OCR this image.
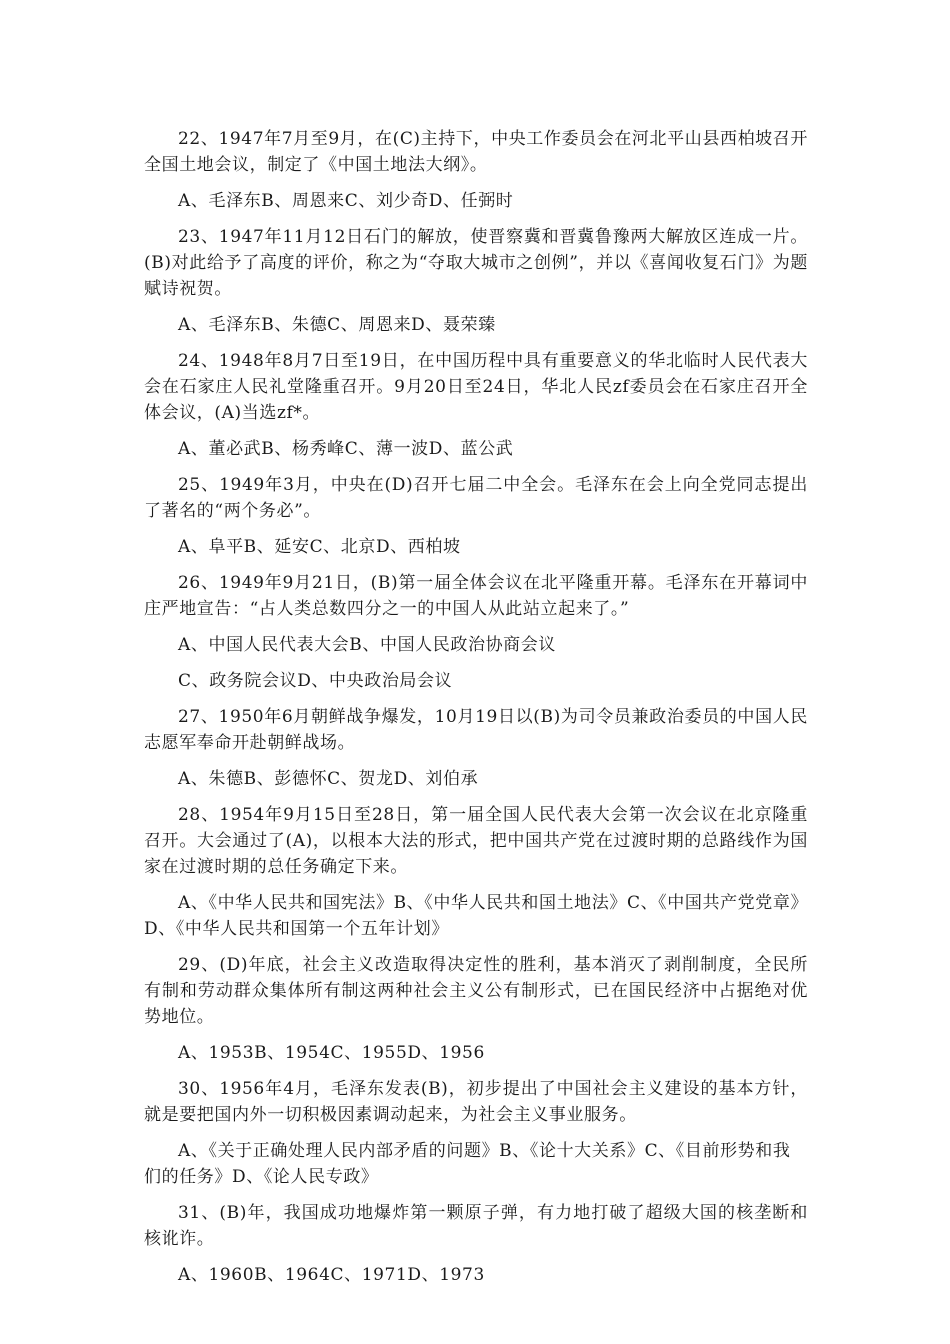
22、1947年7月至9月，在(C)主持下，中央工作委员会在河北平山县西柏坡召开全国土地会议，制定了《中国土地法大纲》。

A、毛泽东B、周恩来C、刘少奇D、任弼时

23、1947年11月12日石门的解放，使晋察冀和晋冀鲁豫两大解放区连成一片。(B)对此给予了高度的评价，称之为“夺取大城市之创例”，并以《喜闻收复石门》为题赋诗祝贺。

A、毛泽东B、朱德C、周恩来D、聂荣臻

24、1948年8月7日至19日，在中国历程中具有重要意义的华北临时人民代表大会在石家庄人民礼堂隆重召开。9月20日至24日，华北人民zf委员会在石家庄召开全体会议，(A)当选zf*。

A、董必武B、杨秀峰C、薄一波D、蓝公武

25、1949年3月，中央在(D)召开七届二中全会。毛泽东在会上向全党同志提出了著名的“两个务必”。

A、阜平B、延安C、北京D、西柏坡

26、1949年9月21日，(B)第一届全体会议在北平隆重开幕。毛泽东在开幕词中庄严地宣告：“占人类总数四分之一的中国人从此站立起来了。”

A、中国人民代表大会B、中国人民政治协商会议

C、政务院会议D、中央政治局会议

27、1950年6月朝鲜战争爆发，10月19日以(B)为司令员兼政治委员的中国人民志愿军奉命开赴朝鲜战场。

A、朱德B、彭德怀C、贺龙D、刘伯承

28、1954年9月15日至28日，第一届全国人民代表大会第一次会议在北京隆重召开。大会通过了(A)，以根本大法的形式，把中国共产党在过渡时期的总路线作为国家在过渡时期的总任务确定下来。

A、《中华人民共和国宪法》B、《中华人民共和国土地法》C、《中国共产党党章》D、《中华人民共和国第一个五年计划》

29、(D)年底，社会主义改造取得决定性的胜利，基本消灭了剥削制度，全民所有制和劳动群众集体所有制这两种社会主义公有制形式，已在国民经济中占据绝对优势地位。

A、1953B、1954C、1955D、1956

30、1956年4月，毛泽东发表(B)，初步提出了中国社会主义建设的基本方针，就是要把国内外一切积极因素调动起来，为社会主义事业服务。

A、《关于正确处理人民内部矛盾的问题》B、《论十大关系》C、《目前形势和我们的任务》D、《论人民专政》

31、(B)年，我国成功地爆炸第一颗原子弹，有力地打破了超级大国的核垄断和核讹诈。

A、1960B、1964C、1971D、1973
